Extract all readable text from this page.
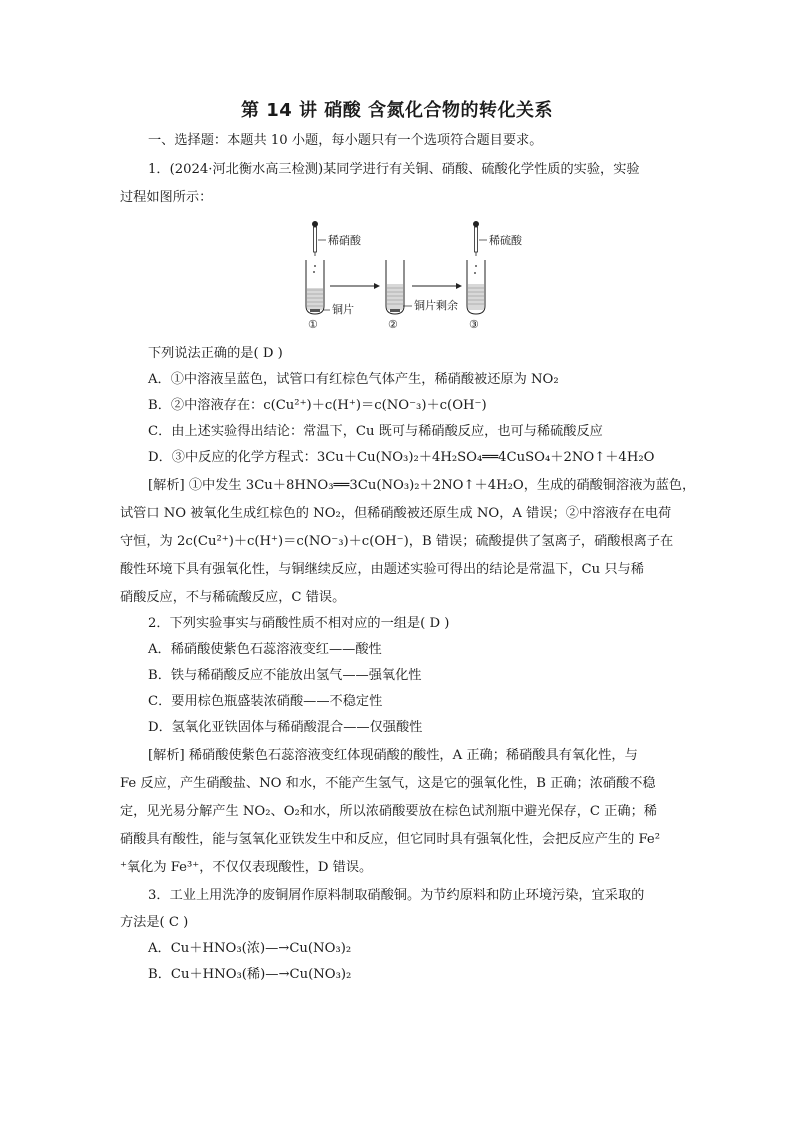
第 14 讲 硝酸 含氮化合物的转化关系
一、选择题：本题共 10 小题，每小题只有一个选项符合题目要求。
1．(2024·河北衡水高三检测)某同学进行有关铜、硝酸、硫酸化学性质的实验，实验
过程如图所示：
稀硝酸
铜片
①
铜片剩余
②
稀硫酸
③
下列说法正确的是( D )
A．①中溶液呈蓝色，试管口有红棕色气体产生，稀硝酸被还原为 NO₂
B．②中溶液存在：c(Cu²⁺)＋c(H⁺)＝c(NO⁻₃)＋c(OH⁻)
C．由上述实验得出结论：常温下，Cu 既可与稀硝酸反应，也可与稀硫酸反应
D．③中反应的化学方程式：3Cu＋Cu(NO₃)₂＋4H₂SO₄══4CuSO₄＋2NO↑＋4H₂O
[解析] ①中发生 3Cu＋8HNO₃══3Cu(NO₃)₂＋2NO↑＋4H₂O，生成的硝酸铜溶液为蓝色，
试管口 NO 被氧化生成红棕色的 NO₂，但稀硝酸被还原生成 NO，A 错误；②中溶液存在电荷
守恒，为 2c(Cu²⁺)＋c(H⁺)＝c(NO⁻₃)＋c(OH⁻)，B 错误；硫酸提供了氢离子，硝酸根离子在
酸性环境下具有强氧化性，与铜继续反应，由题述实验可得出的结论是常温下，Cu 只与稀
硝酸反应，不与稀硫酸反应，C 错误。
2．下列实验事实与硝酸性质不相对应的一组是( D )
A．稀硝酸使紫色石蕊溶液变红——酸性
B．铁与稀硝酸反应不能放出氢气——强氧化性
C．要用棕色瓶盛装浓硝酸——不稳定性
D．氢氧化亚铁固体与稀硝酸混合——仅强酸性
[解析] 稀硝酸使紫色石蕊溶液变红体现硝酸的酸性，A 正确；稀硝酸具有氧化性，与
Fe 反应，产生硝酸盐、NO 和水，不能产生氢气，这是它的强氧化性，B 正确；浓硝酸不稳
定，见光易分解产生 NO₂、O₂和水，所以浓硝酸要放在棕色试剂瓶中避光保存，C 正确；稀
硝酸具有酸性，能与氢氧化亚铁发生中和反应，但它同时具有强氧化性，会把反应产生的 Fe²
⁺氧化为 Fe³⁺，不仅仅表现酸性，D 错误。
3．工业上用洗净的废铜屑作原料制取硝酸铜。为节约原料和防止环境污染，宜采取的
方法是( C )
A．Cu＋HNO₃(浓)—→Cu(NO₃)₂
B．Cu＋HNO₃(稀)—→Cu(NO₃)₂
